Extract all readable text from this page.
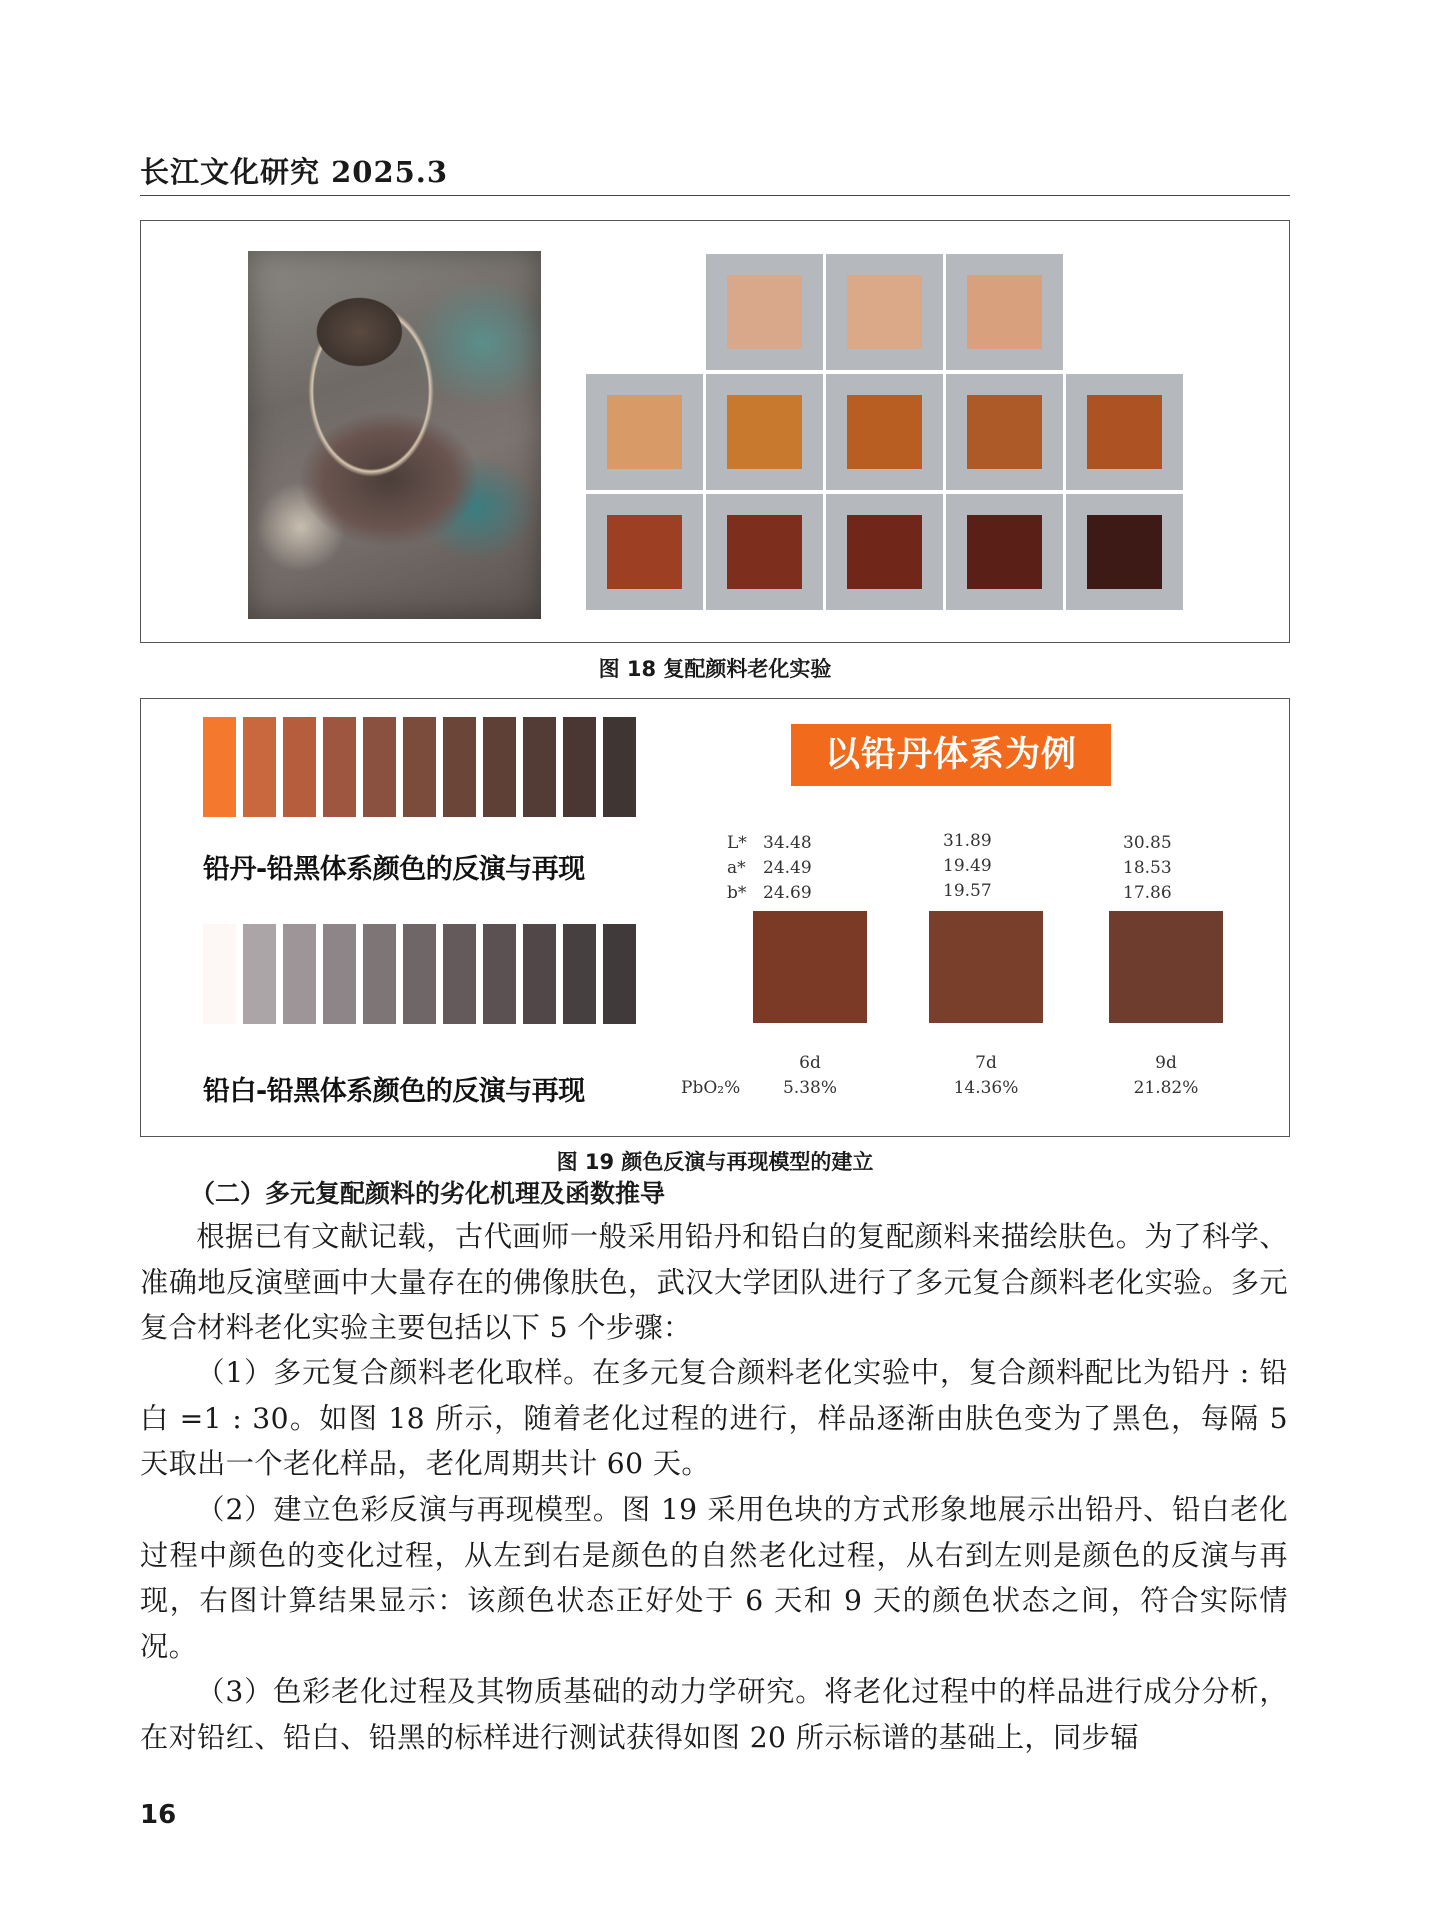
长江文化研究 2025.3
图 18 复配颜料老化实验
铅丹-铅黑体系颜色的反演与再现
铅白-铅黑体系颜色的反演与再现
以铅丹体系为例
L*
a*
b*
PbO₂%
34.48
24.49
24.69
6d
5.38%
31.89
19.49
19.57
7d
14.36%
30.85
18.53
17.86
9d
21.82%
图 19 颜色反演与再现模型的建立
（二）多元复配颜料的劣化机理及函数推导
根据已有文献记载，古代画师一般采用铅丹和铅白的复配颜料来描绘肤色。为了科学、准确地反演壁画中大量存在的佛像肤色，武汉大学团队进行了多元复合颜料老化实验。多元复合材料老化实验主要包括以下 5 个步骤：
（1）多元复合颜料老化取样。在多元复合颜料老化实验中，复合颜料配比为铅丹 : 铅白 =1 : 30。如图 18 所示，随着老化过程的进行，样品逐渐由肤色变为了黑色，每隔 5 天取出一个老化样品，老化周期共计 60 天。
（2）建立色彩反演与再现模型。图 19 采用色块的方式形象地展示出铅丹、铅白老化过程中颜色的变化过程，从左到右是颜色的自然老化过程，从右到左则是颜色的反演与再现，右图计算结果显示：该颜色状态正好处于 6 天和 9 天的颜色状态之间，符合实际情况。
（3）色彩老化过程及其物质基础的动力学研究。将老化过程中的样品进行成分分析，在对铅红、铅白、铅黑的标样进行测试获得如图 20 所示标谱的基础上，同步辐
16
